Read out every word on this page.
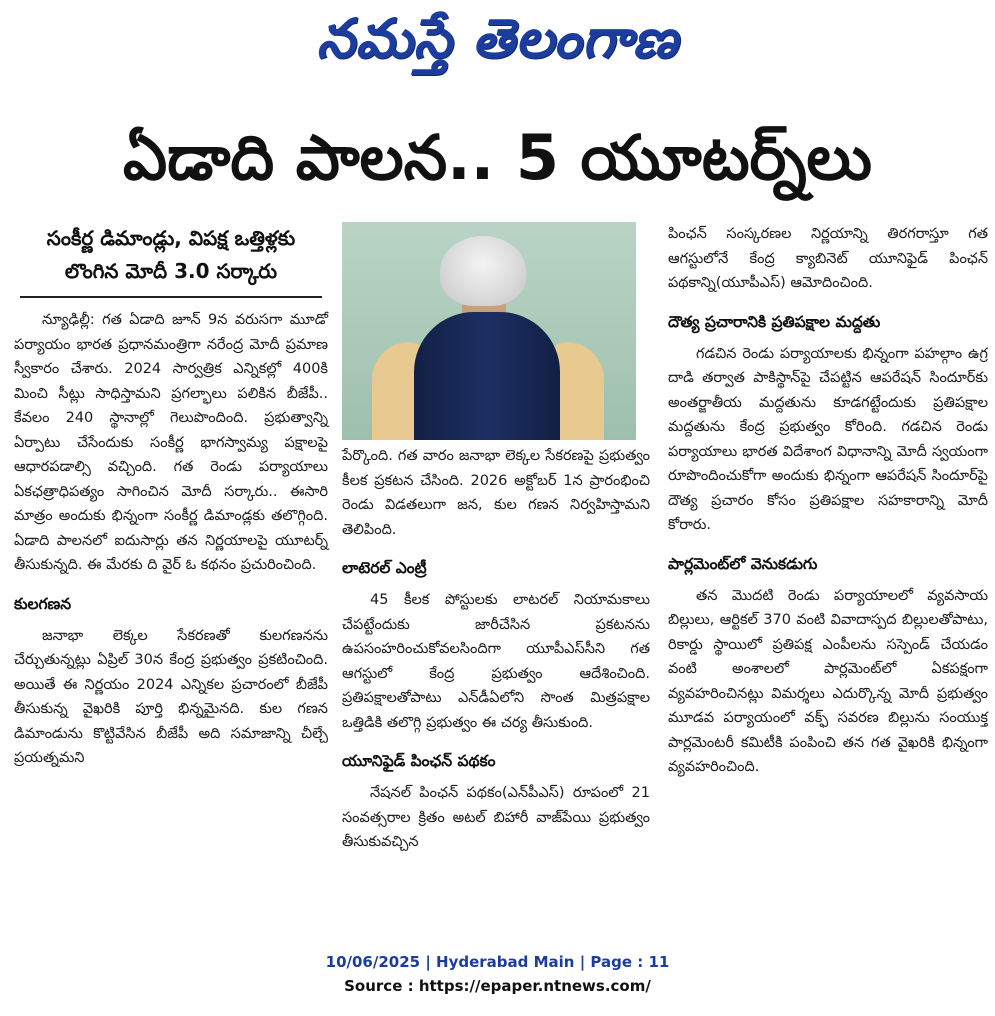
నమస్తే తెలంగాణ
ఏడాది పాలన.. 5 యూటర్న్‌లు
సంకీర్ణ డిమాండ్లు, విపక్ష ఒత్తిళ్లకు
లొంగిన మోదీ 3.0 సర్కారు

న్యూఢిల్లీ: గత ఏడాది జూన్ 9న వరుసగా మూడో పర్యాయం భారత ప్రధానమంత్రిగా నరేంద్ర మోదీ ప్రమాణ స్వీకారం చేశారు. 2024 సార్వత్రిక ఎన్నికల్లో 400కి మించి సీట్లు సాధిస్తామని ప్రగల్భాలు పలికిన బీజేపీ.. కేవలం 240 స్థానాల్లో గెలుపొందింది. ప్రభుత్వాన్ని ఏర్పాటు చేసేందుకు సంకీర్ణ భాగస్వామ్య పక్షాలపై ఆధారపడాల్సి వచ్చింది. గత రెండు పర్యాయాలు ఏకఛత్రాధిపత్యం సాగించిన మోదీ సర్కారు.. ఈసారి మాత్రం అందుకు భిన్నంగా సంకీర్ణ డిమాండ్లకు తలొగ్గింది. ఏడాది పాలనలో ఐదుసార్లు తన నిర్ణయాలపై యూటర్న్ తీసుకున్నది. ఈ మేరకు ది వైర్ ఓ కథనం ప్రచురించింది.

కులగణన

జనాభా లెక్కల సేకరణతో కులగణనను చేర్చుతున్నట్లు ఏప్రిల్ 30న కేంద్ర ప్రభుత్వం ప్రకటించింది. అయితే ఈ నిర్ణయం 2024 ఎన్నికల ప్రచారంలో బీజేపీ తీసుకున్న వైఖరికి పూర్తి భిన్నమైనది. కుల గణన డిమాండును కొట్టివేసిన బీజేపీ అది సమాజాన్ని చీల్చే ప్రయత్నమని

పేర్కొంది. గత వారం జనాభా లెక్కల సేకరణపై ప్రభుత్వం కీలక ప్రకటన చేసింది. 2026 అక్టోబర్ 1న ప్రారంభించి రెండు విడతలుగా జన, కుల గణన నిర్వహిస్తామని తెలిపింది.

లాటెరల్ ఎంట్రీ

45 కీలక పోస్టులకు లాటరల్ నియామకాలు చేపట్టేందుకు జారీచేసిన ప్రకటనను ఉపసంహరించుకోవలసిందిగా యూపీఎస్‌సీని గత ఆగస్టులో కేంద్ర ప్రభుత్వం ఆదేశించింది. ప్రతిపక్షాలతోపాటు ఎన్‌డీఏలోని సొంత మిత్రపక్షాల ఒత్తిడికి తలొగ్గి ప్రభుత్వం ఈ చర్య తీసుకుంది.

యూనిఫైడ్ పింఛన్ పథకం

నేషనల్ పింఛన్ పథకం(ఎన్‌పీఎస్) రూపంలో 21 సంవత్సరాల క్రితం అటల్ బిహారీ వాజ్‌పేయి ప్రభుత్వం తీసుకువచ్చిన

పింఛన్ సంస్కరణల నిర్ణయాన్ని తిరగరాస్తూ గత ఆగస్టులోనే కేంద్ర క్యాబినెట్ యూనిఫైడ్ పింఛన్ పథకాన్ని(యూపీఎస్) ఆమోదించింది.

దౌత్య ప్రచారానికి ప్రతిపక్షాల మద్దతు

గడచిన రెండు పర్యాయాలకు భిన్నంగా పహల్గాం ఉగ్ర దాడి తర్వాత పాకిస్థాన్‌పై చేపట్టిన ఆపరేషన్ సిందూర్‌కు అంతర్జాతీయ మద్దతును కూడగట్టేందుకు ప్రతిపక్షాల మద్దతును కేంద్ర ప్రభుత్వం కోరింది. గడచిన రెండు పర్యాయాలు భారత విదేశాంగ విధానాన్ని మోదీ స్వయంగా రూపొందించుకోగా అందుకు భిన్నంగా ఆపరేషన్ సిందూర్‌పై దౌత్య ప్రచారం కోసం ప్రతిపక్షాల సహకారాన్ని మోదీ కోరారు.

పార్లమెంట్‌లో వెనుకడుగు

తన మొదటి రెండు పర్యాయాలలో వ్యవసాయ బిల్లులు, ఆర్టికల్ 370 వంటి వివాదాస్పద బిల్లులతోపాటు, రికార్డు స్థాయిలో ప్రతిపక్ష ఎంపీలను సస్పెండ్ చేయడం వంటి అంశాలలో పార్లమెంట్‌లో ఏకపక్షంగా వ్యవహరించినట్లు విమర్శలు ఎదుర్కొన్న మోదీ ప్రభుత్వం మూడవ పర్యాయంలో వక్ఫ్ సవరణ బిల్లును సంయుక్త పార్లమెంటరీ కమిటీకి పంపించి తన గత వైఖరికి భిన్నంగా వ్యవహరించింది.

10/06/2025 | Hyderabad Main | Page : 11
Source : https://epaper.ntnews.com/
